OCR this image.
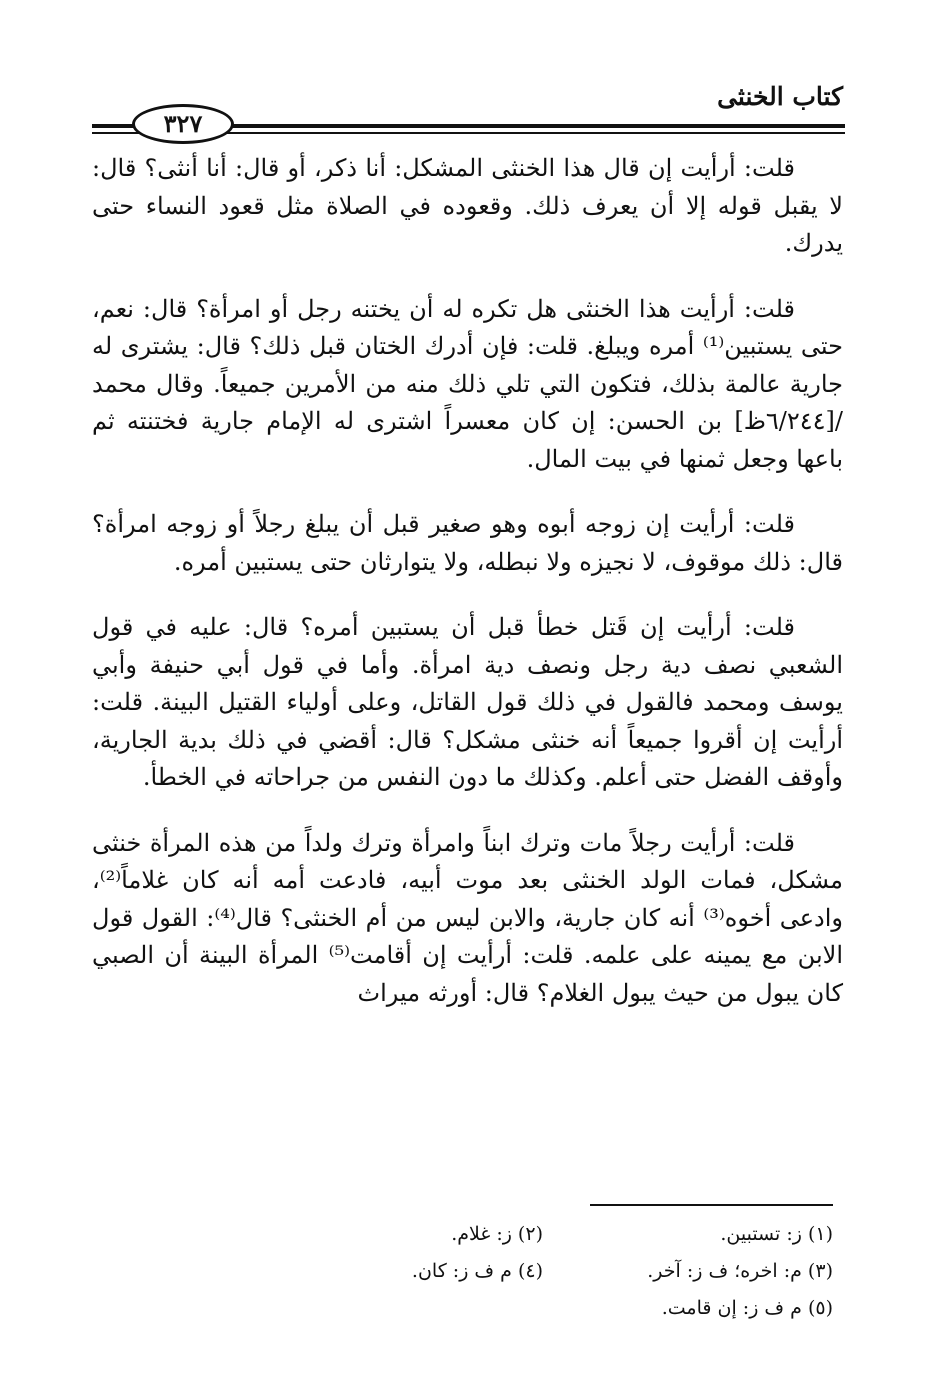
كتاب الخنثى
٣٢٧

قلت: أرأيت إن قال هذا الخنثى المشكل: أنا ذكر، أو قال: أنا أنثى؟ قال: لا يقبل قوله إلا أن يعرف ذلك. وقعوده في الصلاة مثل قعود النساء حتى يدرك.

قلت: أرأيت هذا الخنثى هل تكره له أن يختنه رجل أو امرأة؟ قال: نعم، حتى يستبين⁽¹⁾ أمره ويبلغ. قلت: فإن أدرك الختان قبل ذلك؟ قال: يشترى له جارية عالمة بذلك، فتكون التي تلي ذلك منه من الأمرين جميعاً. وقال محمد /[٦/٢٤٤ظ] بن الحسن: إن كان معسراً اشترى له الإمام جارية فختنته ثم باعها وجعل ثمنها في بيت المال.

قلت: أرأيت إن زوجه أبوه وهو صغير قبل أن يبلغ رجلاً أو زوجه امرأة؟ قال: ذلك موقوف، لا نجيزه ولا نبطله، ولا يتوارثان حتى يستبين أمره.

قلت: أرأيت إن قَتل خطأ قبل أن يستبين أمره؟ قال: عليه في قول الشعبي نصف دية رجل ونصف دية امرأة. وأما في قول أبي حنيفة وأبي يوسف ومحمد فالقول في ذلك قول القاتل، وعلى أولياء القتيل البينة. قلت: أرأيت إن أقروا جميعاً أنه خنثى مشكل؟ قال: أقضي في ذلك بدية الجارية، وأوقف الفضل حتى أعلم. وكذلك ما دون النفس من جراحاته في الخطأ.

قلت: أرأيت رجلاً مات وترك ابناً وامرأة وترك ولداً من هذه المرأة خنثى مشكل، فمات الولد الخنثى بعد موت أبيه، فادعت أمه أنه كان غلاماً⁽²⁾، وادعى أخوه⁽³⁾ أنه كان جارية، والابن ليس من أم الخنثى؟ قال⁽⁴⁾: القول قول الابن مع يمينه على علمه. قلت: أرأيت إن أقامت⁽⁵⁾ المرأة البينة أن الصبي كان يبول من حيث يبول الغلام؟ قال: أورثه ميراث

(١) ز: تستبين.
(٢) ز: غلام.
(٣) م: اخره؛ ف ز: آخر.
(٤) م ف ز: كان.
(٥) م ف ز: إن قامت.
